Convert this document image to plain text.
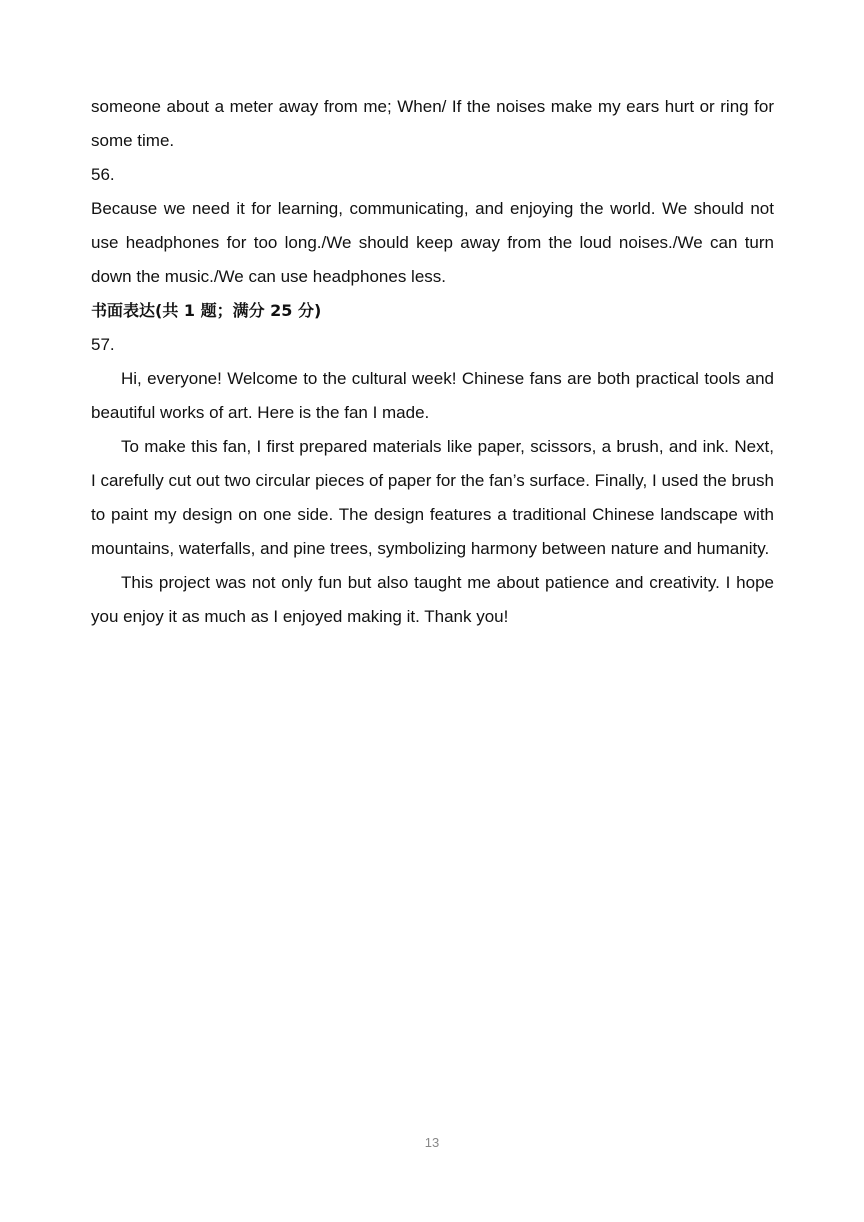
someone about a meter away from me; When/ If the noises make my ears hurt or ring for some time.

56.

Because we need it for learning, communicating, and enjoying the world. We should not use headphones for too long./We should keep away from the loud noises./We can turn down the music./We can use headphones less.

书面表达(共 1 题；满分 25 分)

57.

Hi, everyone! Welcome to the cultural week! Chinese fans are both practical tools and beautiful works of art. Here is the fan I made.

To make this fan, I first prepared materials like paper, scissors, a brush, and ink. Next, I carefully cut out two circular pieces of paper for the fan’s surface. Finally, I used the brush to paint my design on one side. The design features a traditional Chinese landscape with mountains, waterfalls, and pine trees, symbolizing harmony between nature and humanity.

This project was not only fun but also taught me about patience and creativity. I hope you enjoy it as much as I enjoyed making it. Thank you!

13
